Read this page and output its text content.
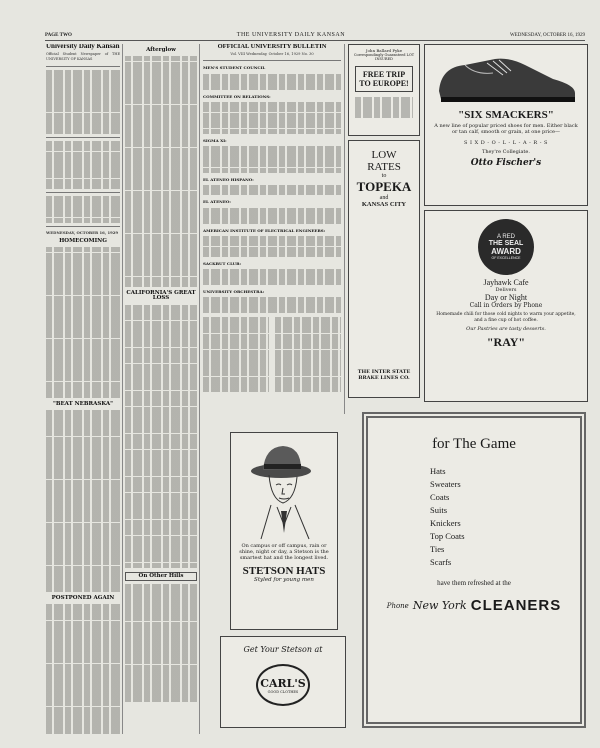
PAGE TWO	THE UNIVERSITY DAILY KANSAN	WEDNESDAY, OCTOBER 16, 1929
University Daily Kansan
Official Student Newspaper of THE UNIVERSITY OF KANSAS
WEDNESDAY, OCTOBER 16, 1929
HOMECOMING
"BEAT NEBRASKA"
POSTPONED AGAIN
Afterglow
CALIFORNIA'S GREAT LOSS
On Other Hills
OFFICIAL UNIVERSITY BULLETIN
Vol. VIII Wednesday, October 16, 1929 No. 30
MEN'S STUDENT COUNCIL
COMMITTEE ON RELATIONS:
SIGMA XI:
EL ATENEO HISPANO:
EL ATENEO:
AMERICAN INSTITUTE OF ELECTRICAL ENGINEERS:
SACKBUT CLUB:
UNIVERSITY ORCHESTRA:
On campus or off campus, rain or shine, night or day, a Stetson is the smartest hat and the longest lived.
STETSON HATS
Styled for young men
Get Your Stetson at
CARL'S
GOOD CLOTHES
John Ballard Pyke
Correspondingly Guaranteed LOT INSURED
FREE TRIP TO EUROPE!
LOW
RATES
to
TOPEKA
and
KANSAS CITY
THE INTER STATE BRAKE LINES CO.
"SIX SMACKERS"
A new line of popular priced shoes for men. Either black or tan calf, smooth or grain, at one price—
S I X D - O - L - L - A - R - S
They're Collegiate.
Otto Fischer's
A RED
THE SEAL
AWARD
OF EXCELLENCE
Jayhawk Cafe
Delivers
Day or Night
Call in Orders by Phone
Homemade chili for those cold nights to warm your appetite, and a fine cup of hot coffee.
Our Pastries are tasty desserts.
"RAY"
for The Game
Hats
Sweaters
Coats
Suits
Knickers
Top Coats
Ties
Scarfs
have them refreshed at the
Phone New York CLEANERS
